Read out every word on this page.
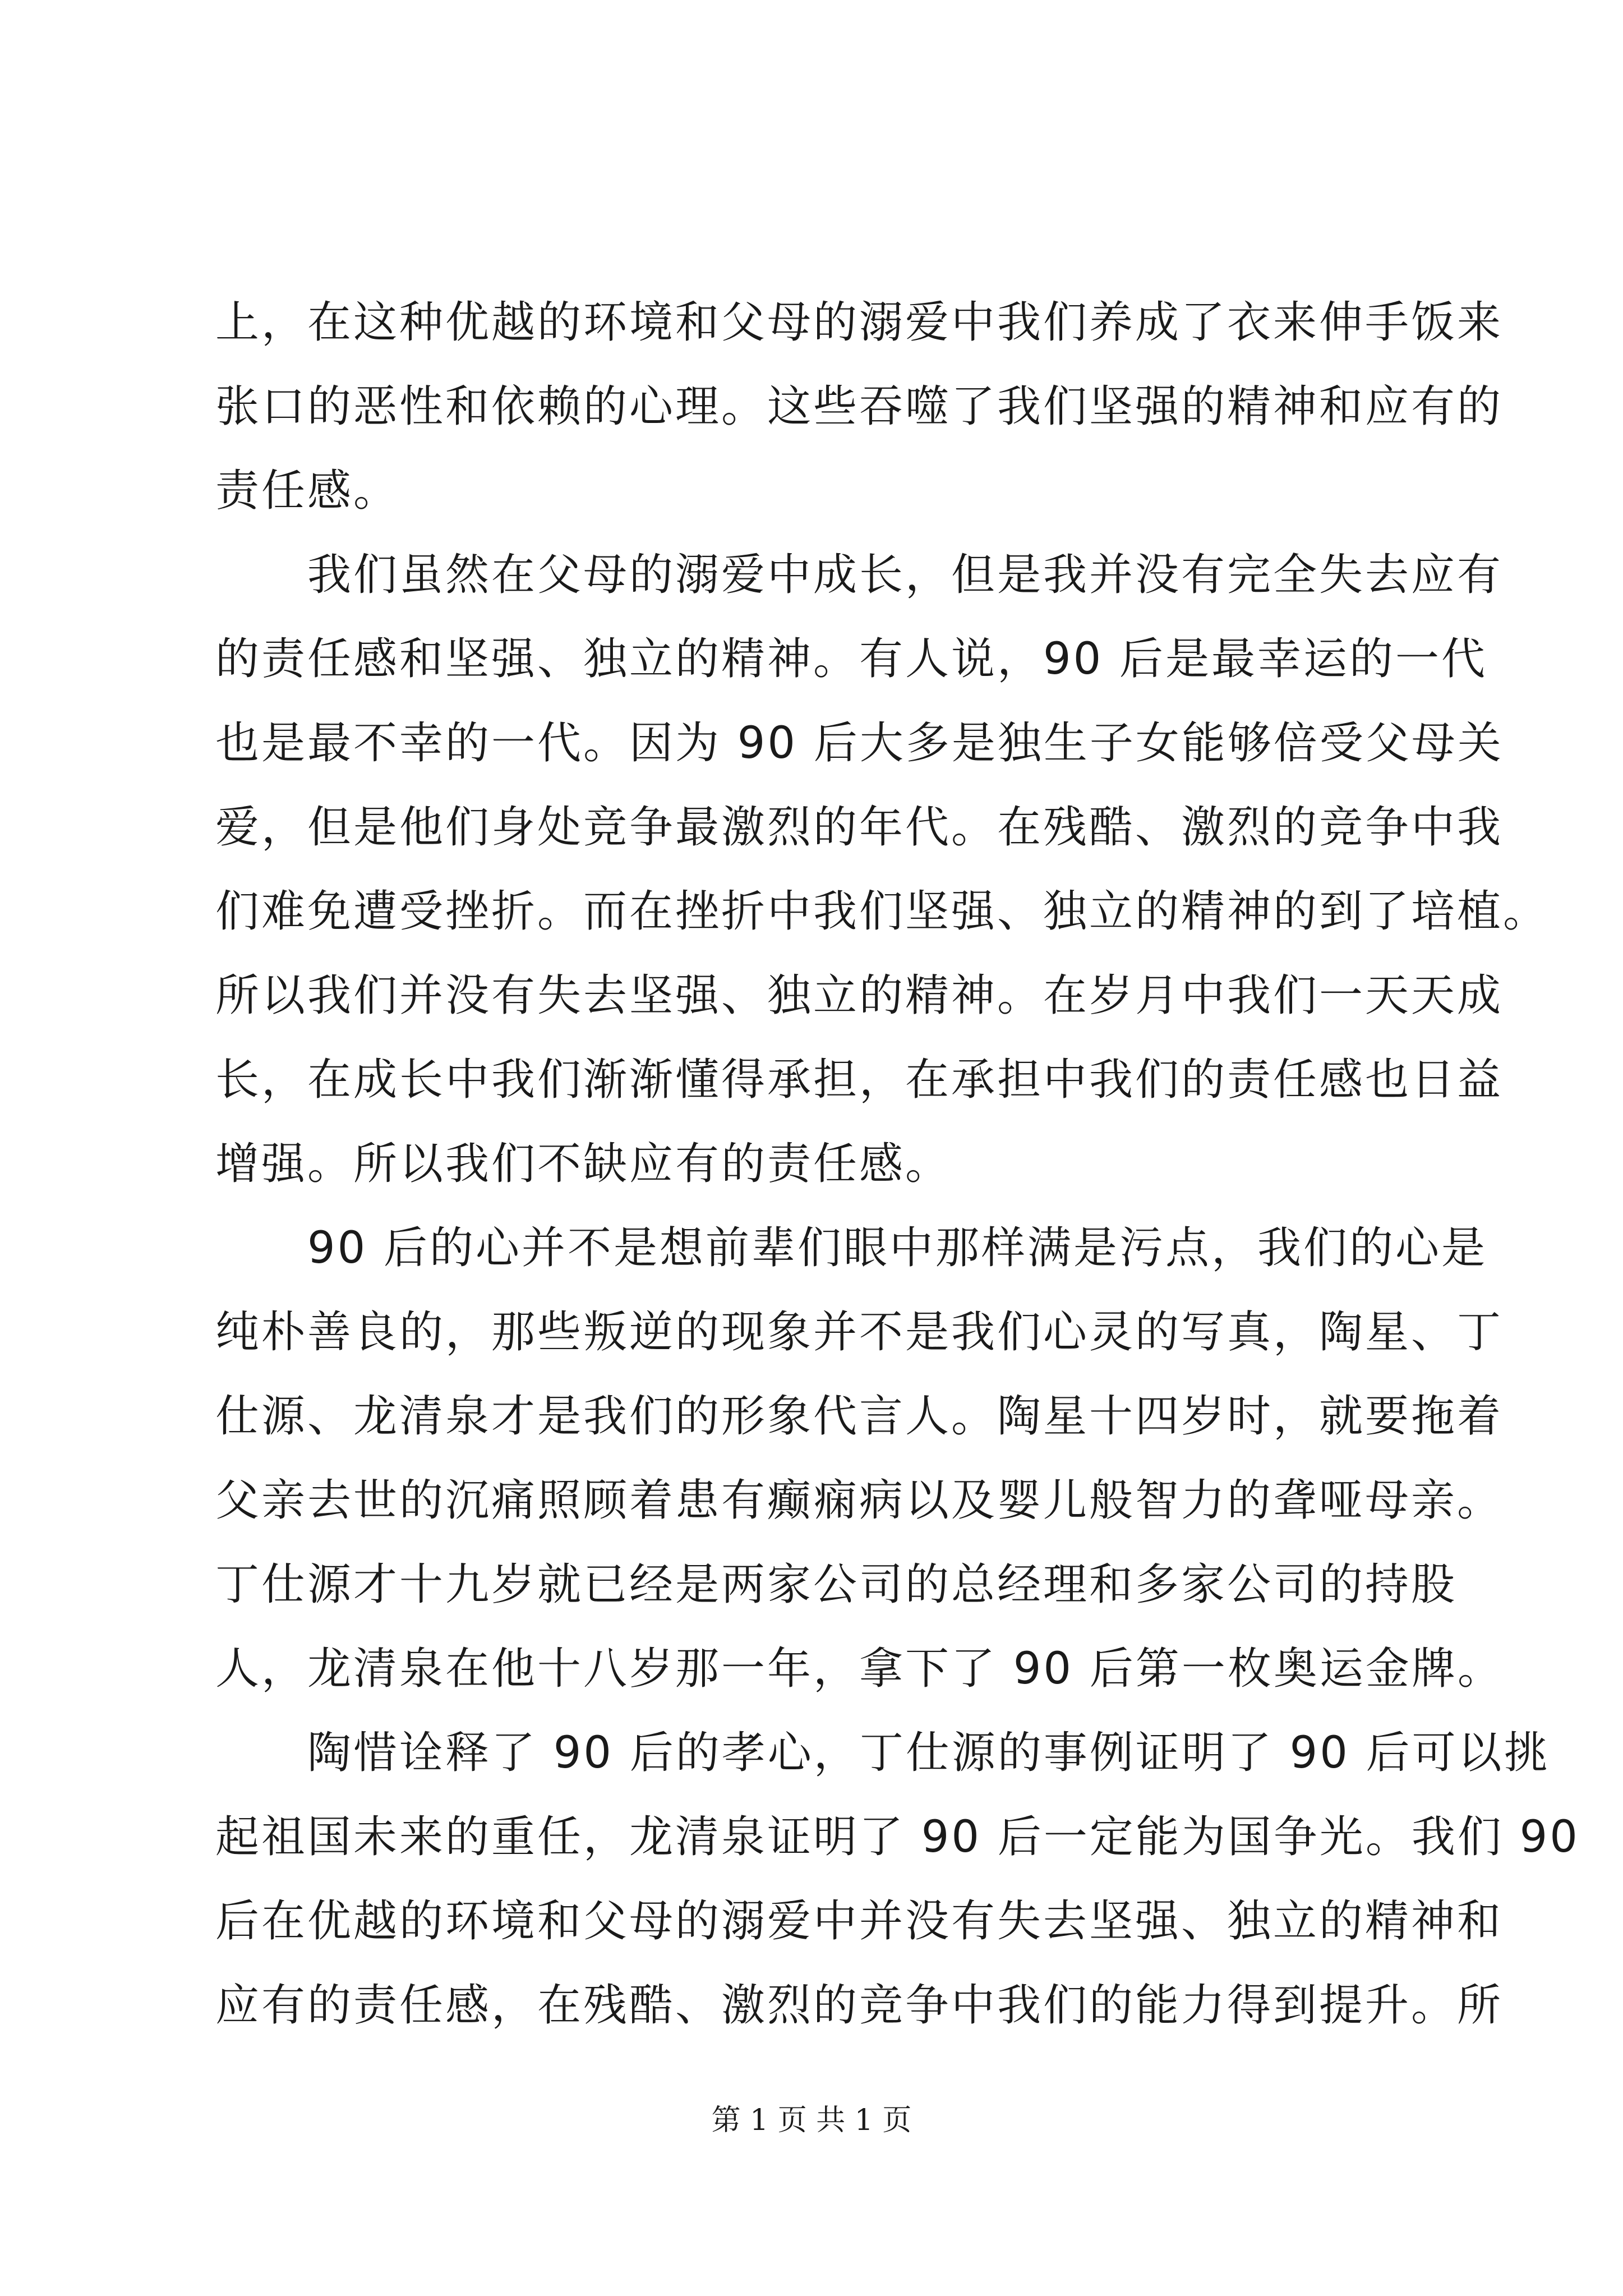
上，在这种优越的环境和父母的溺爱中我们养成了衣来伸手饭来
张口的恶性和依赖的心理。这些吞噬了我们坚强的精神和应有的
责任感。
　　我们虽然在父母的溺爱中成长，但是我并没有完全失去应有
的责任感和坚强、独立的精神。有人说，90 后是最幸运的一代
也是最不幸的一代。因为 90 后大多是独生子女能够倍受父母关
爱，但是他们身处竞争最激烈的年代。在残酷、激烈的竞争中我
们难免遭受挫折。而在挫折中我们坚强、独立的精神的到了培植。
所以我们并没有失去坚强、独立的精神。在岁月中我们一天天成
长，在成长中我们渐渐懂得承担，在承担中我们的责任感也日益
增强。所以我们不缺应有的责任感。
　　90 后的心并不是想前辈们眼中那样满是污点，我们的心是
纯朴善良的，那些叛逆的现象并不是我们心灵的写真，陶星、丁
仕源、龙清泉才是我们的形象代言人。陶星十四岁时，就要拖着
父亲去世的沉痛照顾着患有癫痫病以及婴儿般智力的聋哑母亲。
丁仕源才十九岁就已经是两家公司的总经理和多家公司的持股
人，龙清泉在他十八岁那一年，拿下了 90 后第一枚奥运金牌。
　　陶惜诠释了 90 后的孝心，丁仕源的事例证明了 90 后可以挑
起祖国未来的重任，龙清泉证明了 90 后一定能为国争光。我们 90
后在优越的环境和父母的溺爱中并没有失去坚强、独立的精神和
应有的责任感，在残酷、激烈的竞争中我们的能力得到提升。所
第 1 页 共 1 页
